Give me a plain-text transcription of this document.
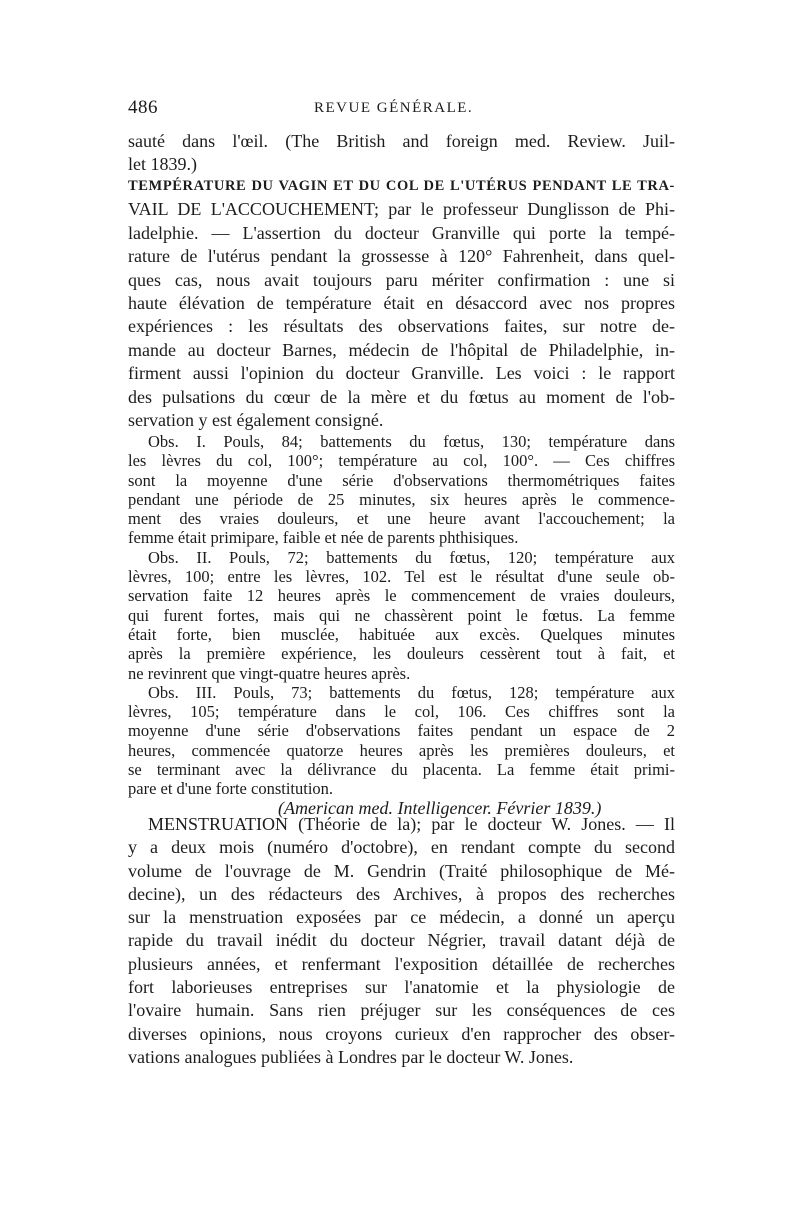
486	REVUE GÉNÉRALE.
sauté dans l'œil. (The British and foreign med. Review. Juil-
let 1839.)
TEMPÉRATURE DU VAGIN ET DU COL DE L'UTÉRUS PENDANT LE TRA-
VAIL DE L'ACCOUCHEMENT; par le professeur Dunglisson de Phi-
ladelphie. — L'assertion du docteur Granville qui porte la tempé-
rature de l'utérus pendant la grossesse à 120° Fahrenheit, dans quel-
ques cas, nous avait toujours paru mériter confirmation : une si
haute élévation de température était en désaccord avec nos propres
expériences : les résultats des observations faites, sur notre de-
mande au docteur Barnes, médecin de l'hôpital de Philadelphie, in-
firment aussi l'opinion du docteur Granville. Les voici : le rapport
des pulsations du cœur de la mère et du fœtus au moment de l'ob-
servation y est également consigné.
Obs. I. Pouls, 84; battements du fœtus, 130; température dans
les lèvres du col, 100°; température au col, 100°. — Ces chiffres
sont la moyenne d'une série d'observations thermométriques faites
pendant une période de 25 minutes, six heures après le commence-
ment des vraies douleurs, et une heure avant l'accouchement; la
femme était primipare, faible et née de parents phthisiques.
Obs. II. Pouls, 72; battements du fœtus, 120; température aux
lèvres, 100; entre les lèvres, 102. Tel est le résultat d'une seule ob-
servation faite 12 heures après le commencement de vraies douleurs,
qui furent fortes, mais qui ne chassèrent point le fœtus. La femme
était forte, bien musclée, habituée aux excès. Quelques minutes
après la première expérience, les douleurs cessèrent tout à fait, et
ne revinrent que vingt-quatre heures après.
Obs. III. Pouls, 73; battements du fœtus, 128; température aux
lèvres, 105; température dans le col, 106. Ces chiffres sont la
moyenne d'une série d'observations faites pendant un espace de 2
heures, commencée quatorze heures après les premières douleurs, et
se terminant avec la délivrance du placenta. La femme était primi-
pare et d'une forte constitution.
(American med. Intelligencer. Février 1839.)
MENSTRUATION (Théorie de la); par le docteur W. Jones. — Il
y a deux mois (numéro d'octobre), en rendant compte du second
volume de l'ouvrage de M. Gendrin (Traité philosophique de Mé-
decine), un des rédacteurs des Archives, à propos des recherches
sur la menstruation exposées par ce médecin, a donné un aperçu
rapide du travail inédit du docteur Négrier, travail datant déjà de
plusieurs années, et renfermant l'exposition détaillée de recherches
fort laborieuses entreprises sur l'anatomie et la physiologie de
l'ovaire humain. Sans rien préjuger sur les conséquences de ces
diverses opinions, nous croyons curieux d'en rapprocher des obser-
vations analogues publiées à Londres par le docteur W. Jones.
